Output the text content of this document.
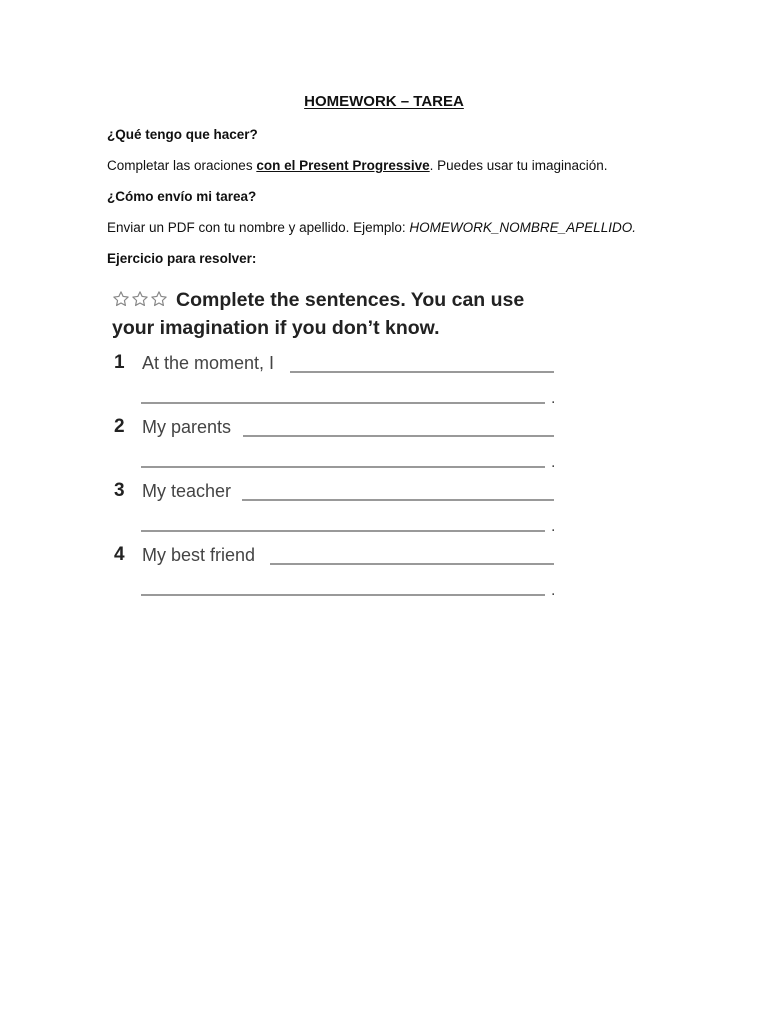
HOMEWORK – TAREA
¿Qué tengo que hacer?
Completar las oraciones con el Present Progressive. Puedes usar tu imaginación.
¿Cómo envío mi tarea?
Enviar un PDF con tu nombre y apellido. Ejemplo: HOMEWORK_NOMBRE_APELLIDO.
Ejercicio para resolver:
Complete the sentences. You can use your imagination if you don’t know.
1 At the moment, I
.
2 My parents
.
3 My teacher
.
4 My best friend
.
